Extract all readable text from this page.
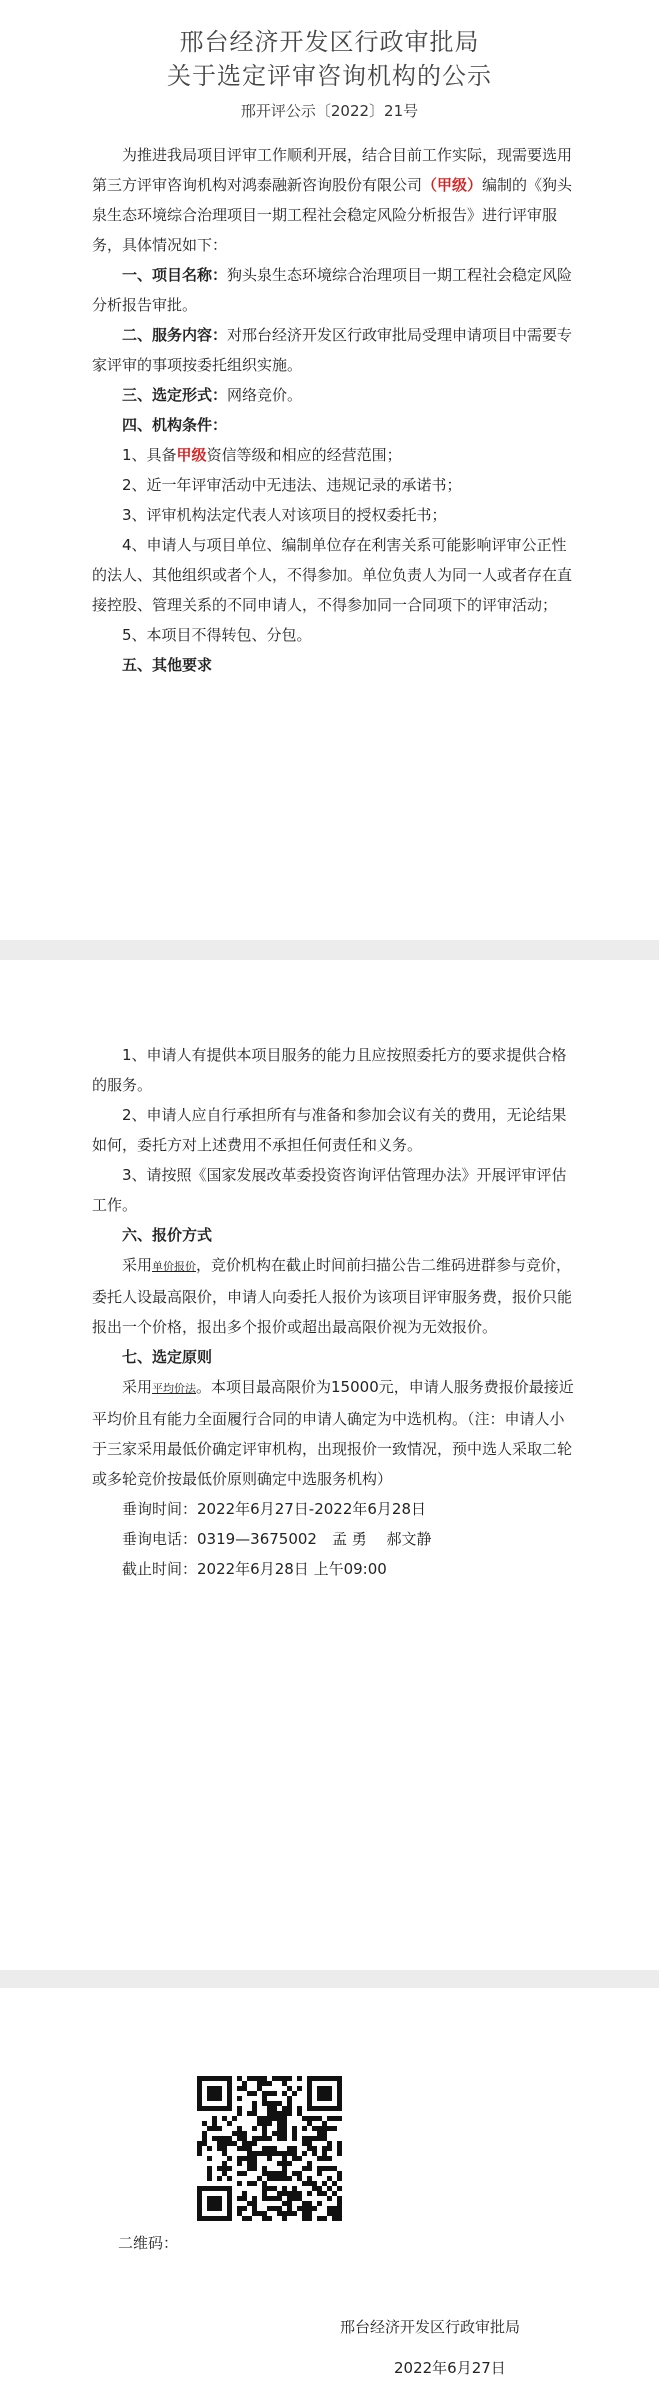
邢台经济开发区行政审批局
关于选定评审咨询机构的公示
邢开评公示〔2022〕21号

为推进我局项目评审工作顺利开展，结合目前工作实际，现需要选用第三方评审咨询机构对鸿泰融新咨询股份有限公司（甲级）编制的《狗头泉生态环境综合治理项目一期工程社会稳定风险分析报告》进行评审服务，具体情况如下：

一、项目名称：狗头泉生态环境综合治理项目一期工程社会稳定风险分析报告审批。

二、服务内容：对邢台经济开发区行政审批局受理申请项目中需要专家评审的事项按委托组织实施。

三、选定形式：网络竞价。

四、机构条件：

1、具备甲级资信等级和相应的经营范围；

2、近一年评审活动中无违法、违规记录的承诺书；

3、评审机构法定代表人对该项目的授权委托书；

4、申请人与项目单位、编制单位存在利害关系可能影响评审公正性的法人、其他组织或者个人，不得参加。单位负责人为同一人或者存在直接控股、管理关系的不同申请人，不得参加同一合同项下的评审活动；

5、本项目不得转包、分包。

五、其他要求

1、申请人有提供本项目服务的能力且应按照委托方的要求提供合格的服务。

2、申请人应自行承担所有与准备和参加会议有关的费用，无论结果如何，委托方对上述费用不承担任何责任和义务。

3、请按照《国家发展改革委投资咨询评估管理办法》开展评审评估工作。

六、报价方式

采用单价报价，竞价机构在截止时间前扫描公告二维码进群参与竞价，委托人设最高限价，申请人向委托人报价为该项目评审服务费，报价只能报出一个价格，报出多个报价或超出最高限价视为无效报价。

七、选定原则

采用平均价法。本项目最高限价为15000元，申请人服务费报价最接近平均价且有能力全面履行合同的申请人确定为中选机构。（注：申请人小于三家采用最低价确定评审机构，出现报价一致情况，预中选人采取二轮或多轮竞价按最低价原则确定中选服务机构）

垂询时间：2022年6月27日-2022年6月28日

垂询电话：0319—3675002　孟 勇　 郝文静

截止时间：2022年6月28日 上午09:00

二维码：
邢台经济开发区行政审批局
2022年6月27日
